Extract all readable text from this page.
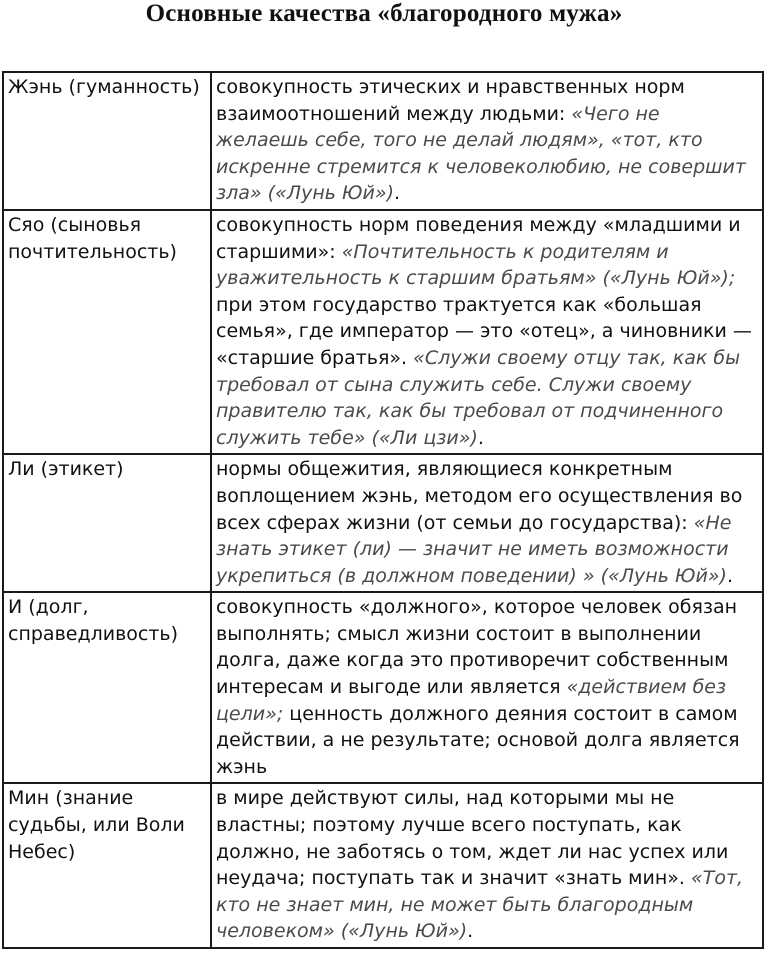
Основные качества «благородного мужа»
Жэнь (гуманность)	совокупность этических и нравственных норм взаимоотношений между людьми: «Чего не желаешь себе, того не делай людям», «тот, кто искренне стремится к человеколюбию, не совершит зла» («Лунь Юй»).
Сяо (сыновья почтительность)	совокупность норм поведения между «младшими и старшими»: «Почтительность к родителям и уважительность к старшим братьям» («Лунь Юй»); при этом государство трактуется как «большая семья», где император — это «отец», а чиновники — «старшие братья». «Служи своему отцу так, как бы требовал от сына служить себе. Служи своему правителю так, как бы требовал от подчиненного служить тебе» («Ли цзи»).
Ли (этикет)	нормы общежития, являющиеся конкретным воплощением жэнь, методом его осуществления во всех сферах жизни (от семьи до государства): «Не знать этикет (ли) — значит не иметь возможности укрепиться (в должном поведении) » («Лунь Юй»).
И (долг, справедливость)	совокупность «должного», которое человек обязан выполнять; смысл жизни состоит в выполнении долга, даже когда это противоречит собственным интересам и выгоде или является «действием без цели»; ценность должного деяния состоит в самом действии, а не результате; основой долга является жэнь
Мин (знание судьбы, или Воли Небес)	в мире действуют силы, над которыми мы не властны; поэтому лучше всего поступать, как должно, не заботясь о том, ждет ли нас успех или неудача; поступать так и значит «знать мин». «Тот, кто не знает мин, не может быть благородным человеком» («Лунь Юй»).
